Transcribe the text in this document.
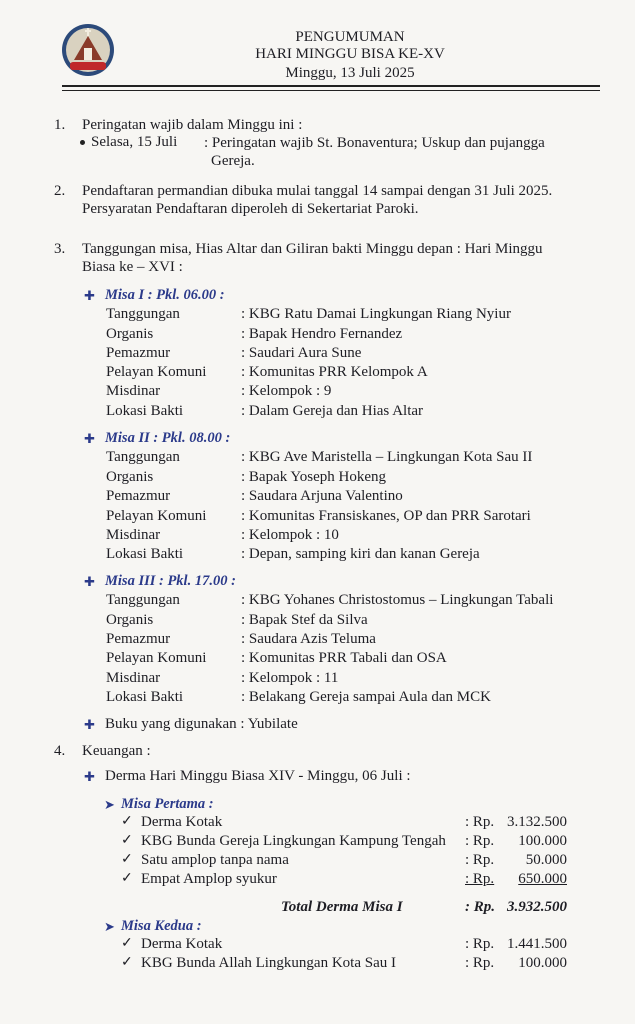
PENGUMUMAN
HARI MINGGU BISA KE-XV
Minggu, 13 Juli 2025
1. Peringatan wajib dalam Minggu ini :
Selasa, 15 Juli : Peringatan wajib St. Bonaventura; Uskup dan pujangga
Gereja.
2. Pendaftaran permandian dibuka mulai tanggal 14 sampai dengan 31 Juli 2025.
Persyaratan Pendaftaran diperoleh di Sekertariat Paroki.
3. Tanggungan misa, Hias Altar dan Giliran bakti Minggu depan : Hari Minggu
Biasa ke – XVI :
✚ Misa I : Pkl. 06.00 :
Tanggungan	: KBG Ratu Damai Lingkungan Riang Nyiur
Organis	: Bapak Hendro Fernandez
Pemazmur	: Saudari Aura Sune
Pelayan Komuni : Komunitas PRR Kelompok A
Misdinar	: Kelompok : 9
Lokasi Bakti	: Dalam Gereja dan Hias Altar
✚ Misa II : Pkl. 08.00 :
Tanggungan	: KBG Ave Maristella – Lingkungan Kota Sau II
Organis	: Bapak Yoseph Hokeng
Pemazmur	: Saudara Arjuna Valentino
Pelayan Komuni : Komunitas Fransiskanes, OP dan PRR Sarotari
Misdinar	: Kelompok : 10
Lokasi Bakti	: Depan, samping kiri dan kanan Gereja
✚ Misa III : Pkl. 17.00 :
Tanggungan	: KBG Yohanes Christostomus – Lingkungan Tabali
Organis	: Bapak Stef da Silva
Pemazmur	: Saudara Azis Teluma
Pelayan Komuni : Komunitas PRR Tabali dan OSA
Misdinar	: Kelompok : 11
Lokasi Bakti	: Belakang Gereja sampai Aula dan MCK
✚ Buku yang digunakan : Yubilate
4. Keuangan :
✚ Derma Hari Minggu Biasa XIV - Minggu, 06 Juli :
➤ Misa Pertama :
✓ Derma Kotak	: Rp. 3.132.500
✓ KBG Bunda Gereja Lingkungan Kampung Tengah : Rp. 100.000
✓ Satu amplop tanpa nama	: Rp. 50.000
✓ Empat Amplop syukur	: Rp. 650.000
Total Derma Misa I	: Rp. 3.932.500
➤ Misa Kedua :
✓ Derma Kotak	: Rp. 1.441.500
✓ KBG Bunda Allah Lingkungan Kota Sau I	: Rp. 100.000
